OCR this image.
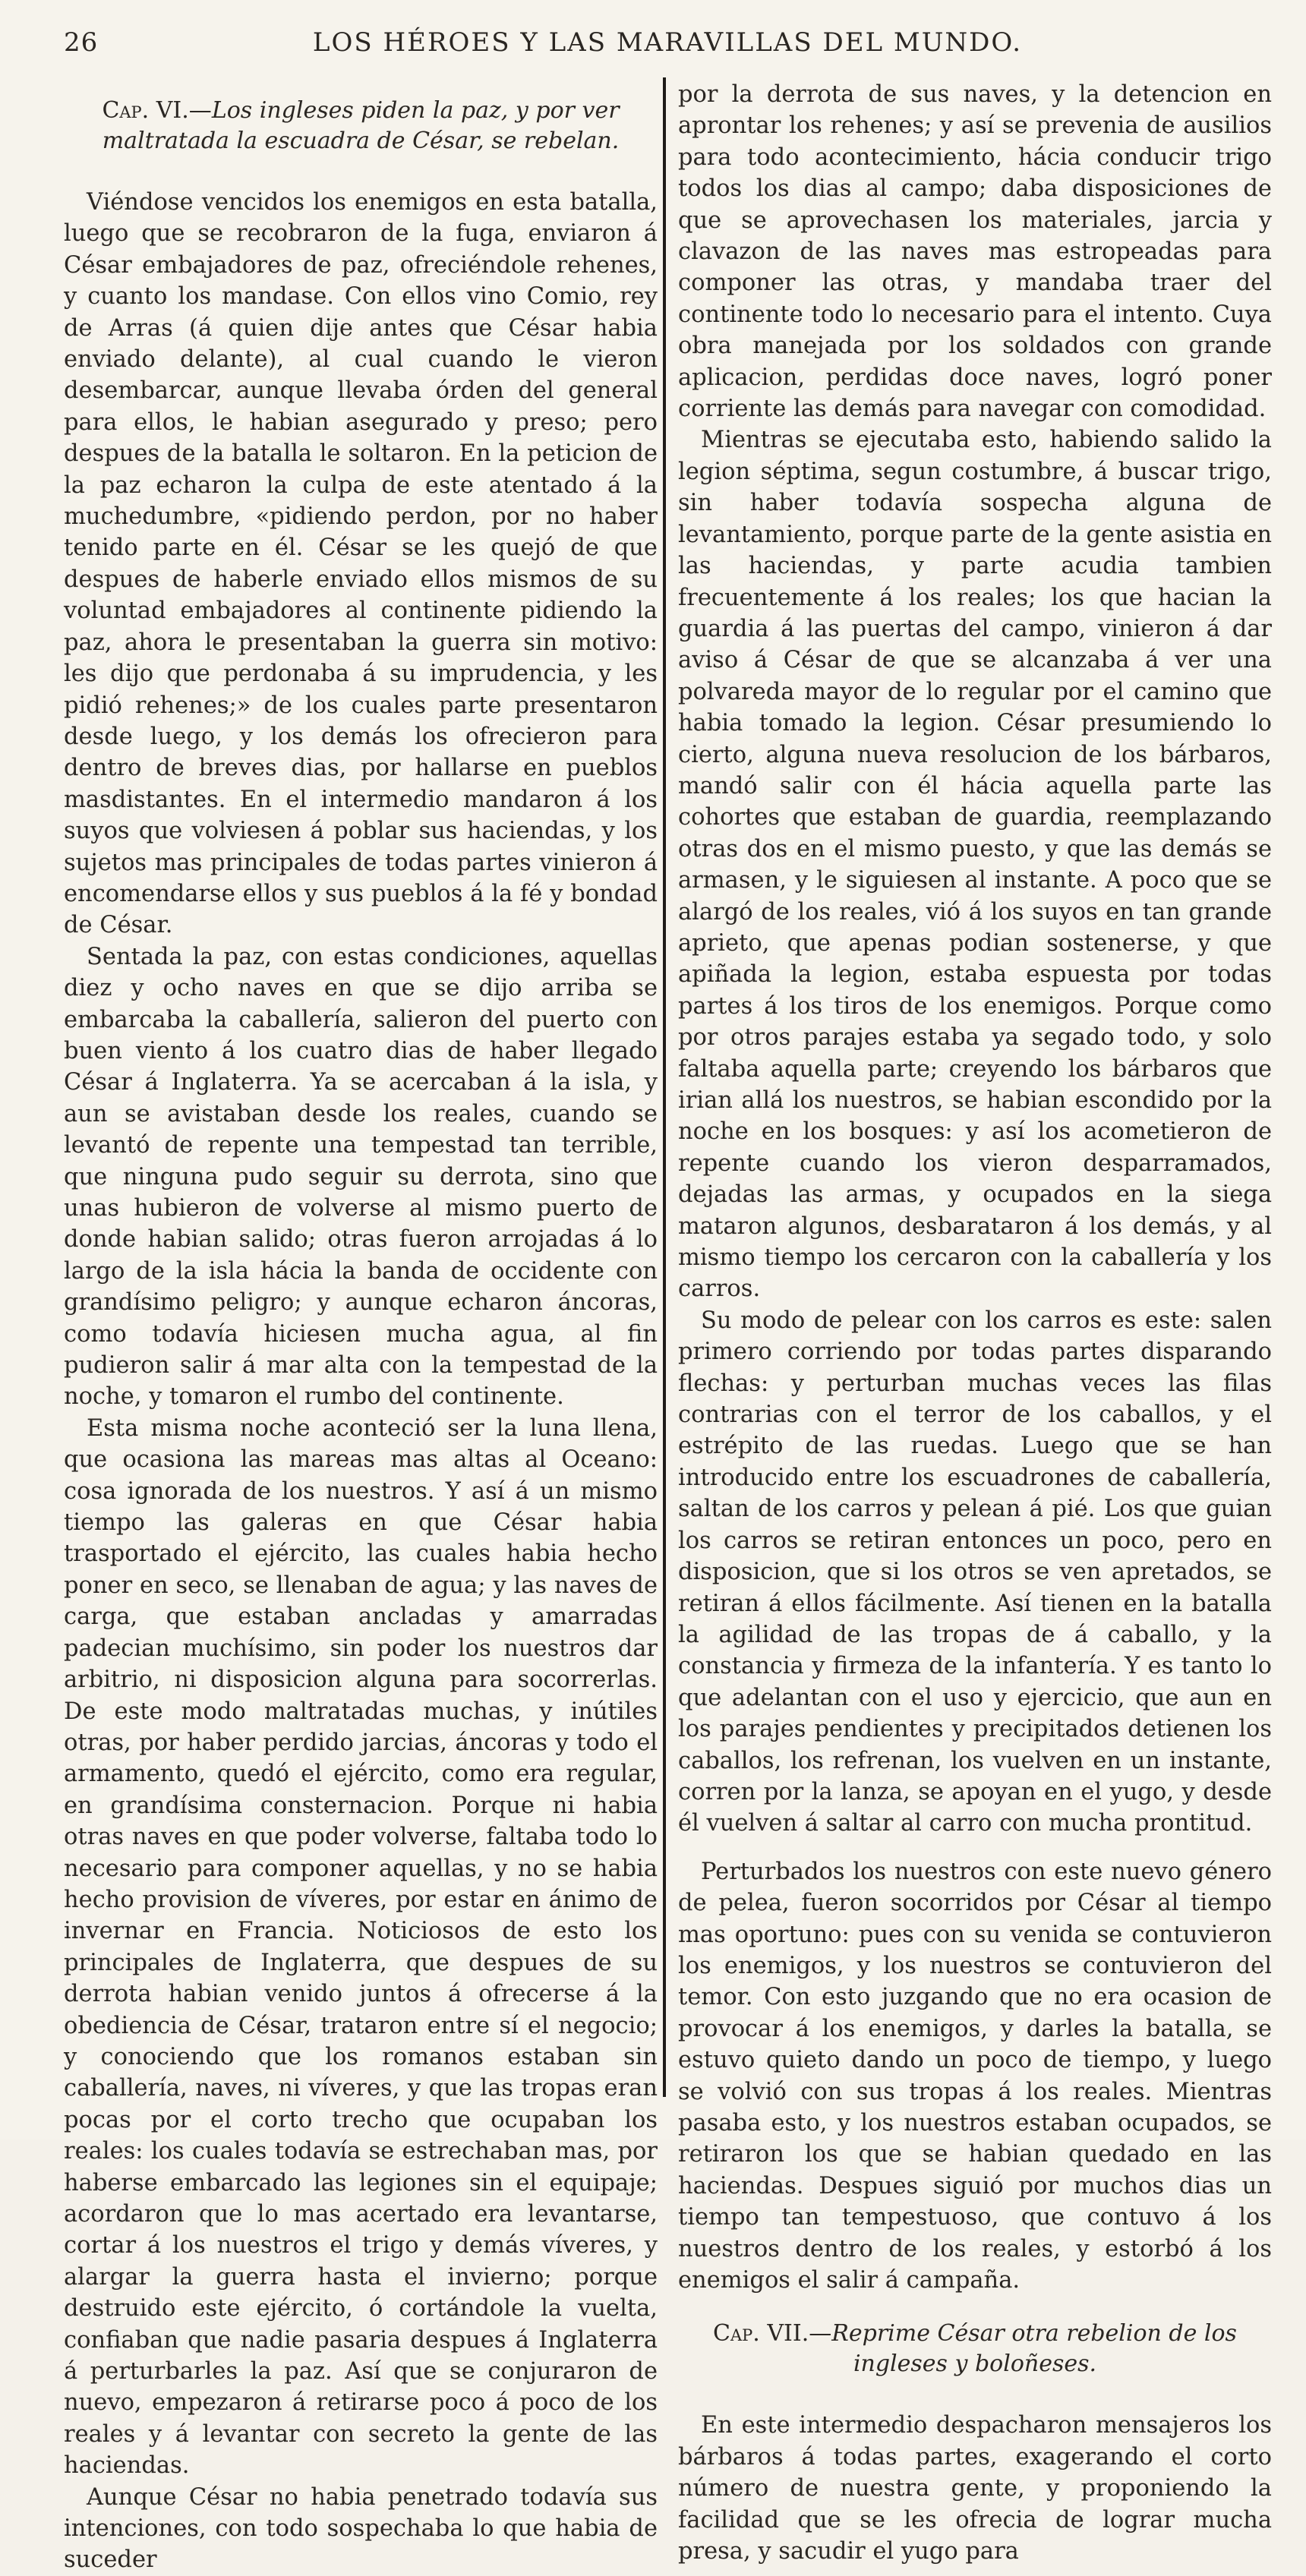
26	LOS HÉROES Y LAS MARAVILLAS DEL MUNDO.
Cap. VI.—Los ingleses piden la paz, y por ver maltratada la escuadra de César, se rebelan.

Viéndose vencidos los enemigos en esta batalla, luego que se recobraron de la fuga, enviaron á César embajadores de paz, ofreciéndole rehenes, y cuanto los mandase. Con ellos vino Comio, rey de Arras (á quien dije antes que César habia enviado delante), al cual cuando le vieron desembarcar, aunque llevaba órden del general para ellos, le habian asegurado y preso; pero despues de la batalla le soltaron. En la peticion de la paz echaron la culpa de este atentado á la muchedumbre, «pidiendo perdon, por no haber tenido parte en él. César se les quejó de que despues de haberle enviado ellos mismos de su voluntad embajadores al continente pidiendo la paz, ahora le presentaban la guerra sin motivo: les dijo que perdonaba á su imprudencia, y les pidió rehenes;» de los cuales parte presentaron desde luego, y los demás los ofrecieron para dentro de breves dias, por hallarse en pueblos masdistantes. En el intermedio mandaron á los suyos que volviesen á poblar sus haciendas, y los sujetos mas principales de todas partes vinieron á encomendarse ellos y sus pueblos á la fé y bondad de César.

Sentada la paz, con estas condiciones, aquellas diez y ocho naves en que se dijo arriba se embarcaba la caballería, salieron del puerto con buen viento á los cuatro dias de haber llegado César á Inglaterra. Ya se acercaban á la isla, y aun se avistaban desde los reales, cuando se levantó de repente una tempestad tan terrible, que ninguna pudo seguir su derrota, sino que unas hubieron de volverse al mismo puerto de donde habian salido; otras fueron arrojadas á lo largo de la isla hácia la banda de occidente con grandísimo peligro; y aunque echaron áncoras, como todavía hiciesen mucha agua, al fin pudieron salir á mar alta con la tempestad de la noche, y tomaron el rumbo del continente.

Esta misma noche aconteció ser la luna llena, que ocasiona las mareas mas altas al Oceano: cosa ignorada de los nuestros. Y así á un mismo tiempo las galeras en que César habia trasportado el ejército, las cuales habia hecho poner en seco, se llenaban de agua; y las naves de carga, que estaban ancladas y amarradas padecian muchísimo, sin poder los nuestros dar arbitrio, ni disposicion alguna para socorrerlas. De este modo maltratadas muchas, y inútiles otras, por haber perdido jarcias, áncoras y todo el armamento, quedó el ejército, como era regular, en grandísima consternacion. Porque ni habia otras naves en que poder volverse, faltaba todo lo necesario para componer aquellas, y no se habia hecho provision de víveres, por estar en ánimo de invernar en Francia. Noticiosos de esto los principales de Inglaterra, que despues de su derrota habian venido juntos á ofrecerse á la obediencia de César, trataron entre sí el negocio; y conociendo que los romanos estaban sin caballería, naves, ni víveres, y que las tropas eran pocas por el corto trecho que ocupaban los reales: los cuales todavía se estrechaban mas, por haberse embarcado las legiones sin el equipaje; acordaron que lo mas acertado era levantarse, cortar á los nuestros el trigo y demás víveres, y alargar la guerra hasta el invierno; porque destruido este ejército, ó cortándole la vuelta, confiaban que nadie pasaria despues á Inglaterra á perturbarles la paz. Así que se conjuraron de nuevo, empezaron á retirarse poco á poco de los reales y á levantar con secreto la gente de las haciendas.

Aunque César no habia penetrado todavía sus intenciones, con todo sospechaba lo que habia de suceder

por la derrota de sus naves, y la detencion en aprontar los rehenes; y así se prevenia de ausilios para todo acontecimiento, hácia conducir trigo todos los dias al campo; daba disposiciones de que se aprovechasen los materiales, jarcia y clavazon de las naves mas estropeadas para componer las otras, y mandaba traer del continente todo lo necesario para el intento. Cuya obra manejada por los soldados con grande aplicacion, perdidas doce naves, logró poner corriente las demás para navegar con comodidad.

Mientras se ejecutaba esto, habiendo salido la legion séptima, segun costumbre, á buscar trigo, sin haber todavía sospecha alguna de levantamiento, porque parte de la gente asistia en las haciendas, y parte acudia tambien frecuentemente á los reales; los que hacian la guardia á las puertas del campo, vinieron á dar aviso á César de que se alcanzaba á ver una polvareda mayor de lo regular por el camino que habia tomado la legion. César presumiendo lo cierto, alguna nueva resolucion de los bárbaros, mandó salir con él hácia aquella parte las cohortes que estaban de guardia, reemplazando otras dos en el mismo puesto, y que las demás se armasen, y le siguiesen al instante. A poco que se alargó de los reales, vió á los suyos en tan grande aprieto, que apenas podian sostenerse, y que apiñada la legion, estaba espuesta por todas partes á los tiros de los enemigos. Porque como por otros parajes estaba ya segado todo, y solo faltaba aquella parte; creyendo los bárbaros que irian allá los nuestros, se habian escondido por la noche en los bosques: y así los acometieron de repente cuando los vieron desparramados, dejadas las armas, y ocupados en la siega mataron algunos, desbarataron á los demás, y al mismo tiempo los cercaron con la caballería y los carros.

Su modo de pelear con los carros es este: salen primero corriendo por todas partes disparando flechas: y perturban muchas veces las filas contrarias con el terror de los caballos, y el estrépito de las ruedas. Luego que se han introducido entre los escuadrones de caballería, saltan de los carros y pelean á pié. Los que guian los carros se retiran entonces un poco, pero en disposicion, que si los otros se ven apretados, se retiran á ellos fácilmente. Así tienen en la batalla la agilidad de las tropas de á caballo, y la constancia y firmeza de la infantería. Y es tanto lo que adelantan con el uso y ejercicio, que aun en los parajes pendientes y precipitados detienen los caballos, los refrenan, los vuelven en un instante, corren por la lanza, se apoyan en el yugo, y desde él vuelven á saltar al carro con mucha prontitud.

Perturbados los nuestros con este nuevo género de pelea, fueron socorridos por César al tiempo mas oportuno: pues con su venida se contuvieron los enemigos, y los nuestros se contuvieron del temor. Con esto juzgando que no era ocasion de provocar á los enemigos, y darles la batalla, se estuvo quieto dando un poco de tiempo, y luego se volvió con sus tropas á los reales. Mientras pasaba esto, y los nuestros estaban ocupados, se retiraron los que se habian quedado en las haciendas. Despues siguió por muchos dias un tiempo tan tempestuoso, que contuvo á los nuestros dentro de los reales, y estorbó á los enemigos el salir á campaña.

Cap. VII.—Reprime César otra rebelion de los ingleses y boloñeses.

En este intermedio despacharon mensajeros los bárbaros á todas partes, exagerando el corto número de nuestra gente, y proponiendo la facilidad que se les ofrecia de lograr mucha presa, y sacudir el yugo para
